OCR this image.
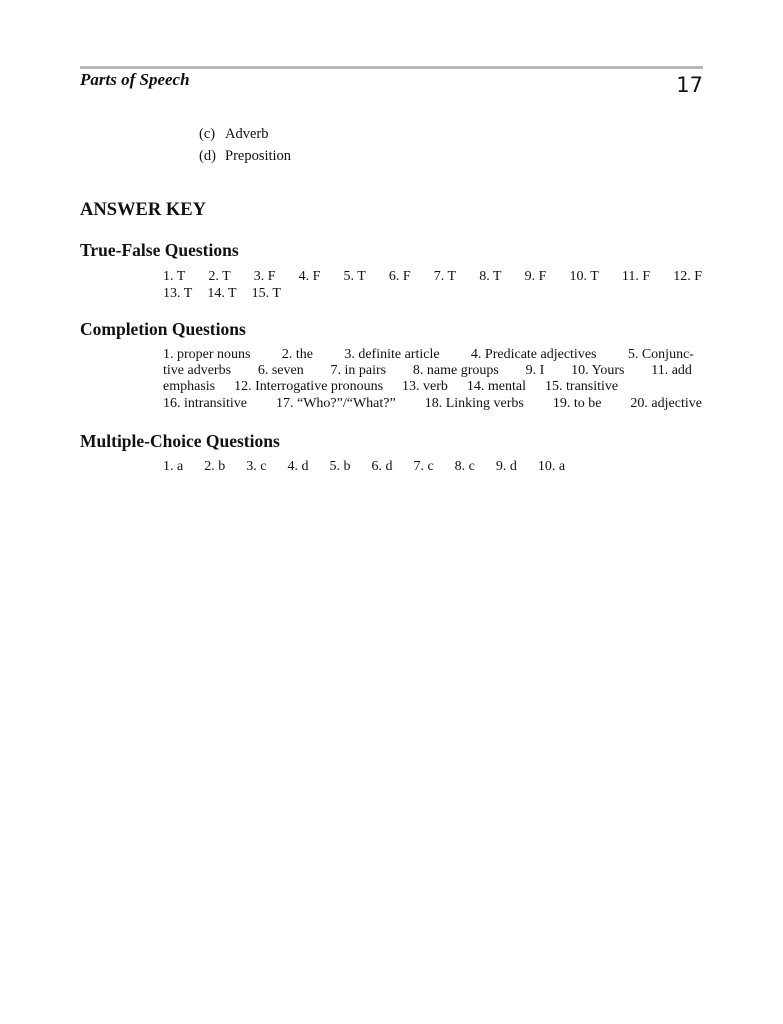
Parts of Speech	17
(c) Adverb
(d) Preposition
ANSWER KEY
True-False Questions
1. T 2. T 3. F 4. F 5. T 6. F 7. T 8. T 9. F 10. T 11. F 12. F
13. T 14. T 15. T
Completion Questions
1. proper nouns 2. the 3. definite article 4. Predicate adjectives 5. Conjunc-
tive adverbs 6. seven 7. in pairs 8. name groups 9. I 10. Yours 11. add
emphasis 12. Interrogative pronouns 13. verb 14. mental 15. transitive
16. intransitive 17. “Who?”/“What?” 18. Linking verbs 19. to be 20. adjective
Multiple-Choice Questions
1. a 2. b 3. c 4. d 5. b 6. d 7. c 8. c 9. d 10. a
